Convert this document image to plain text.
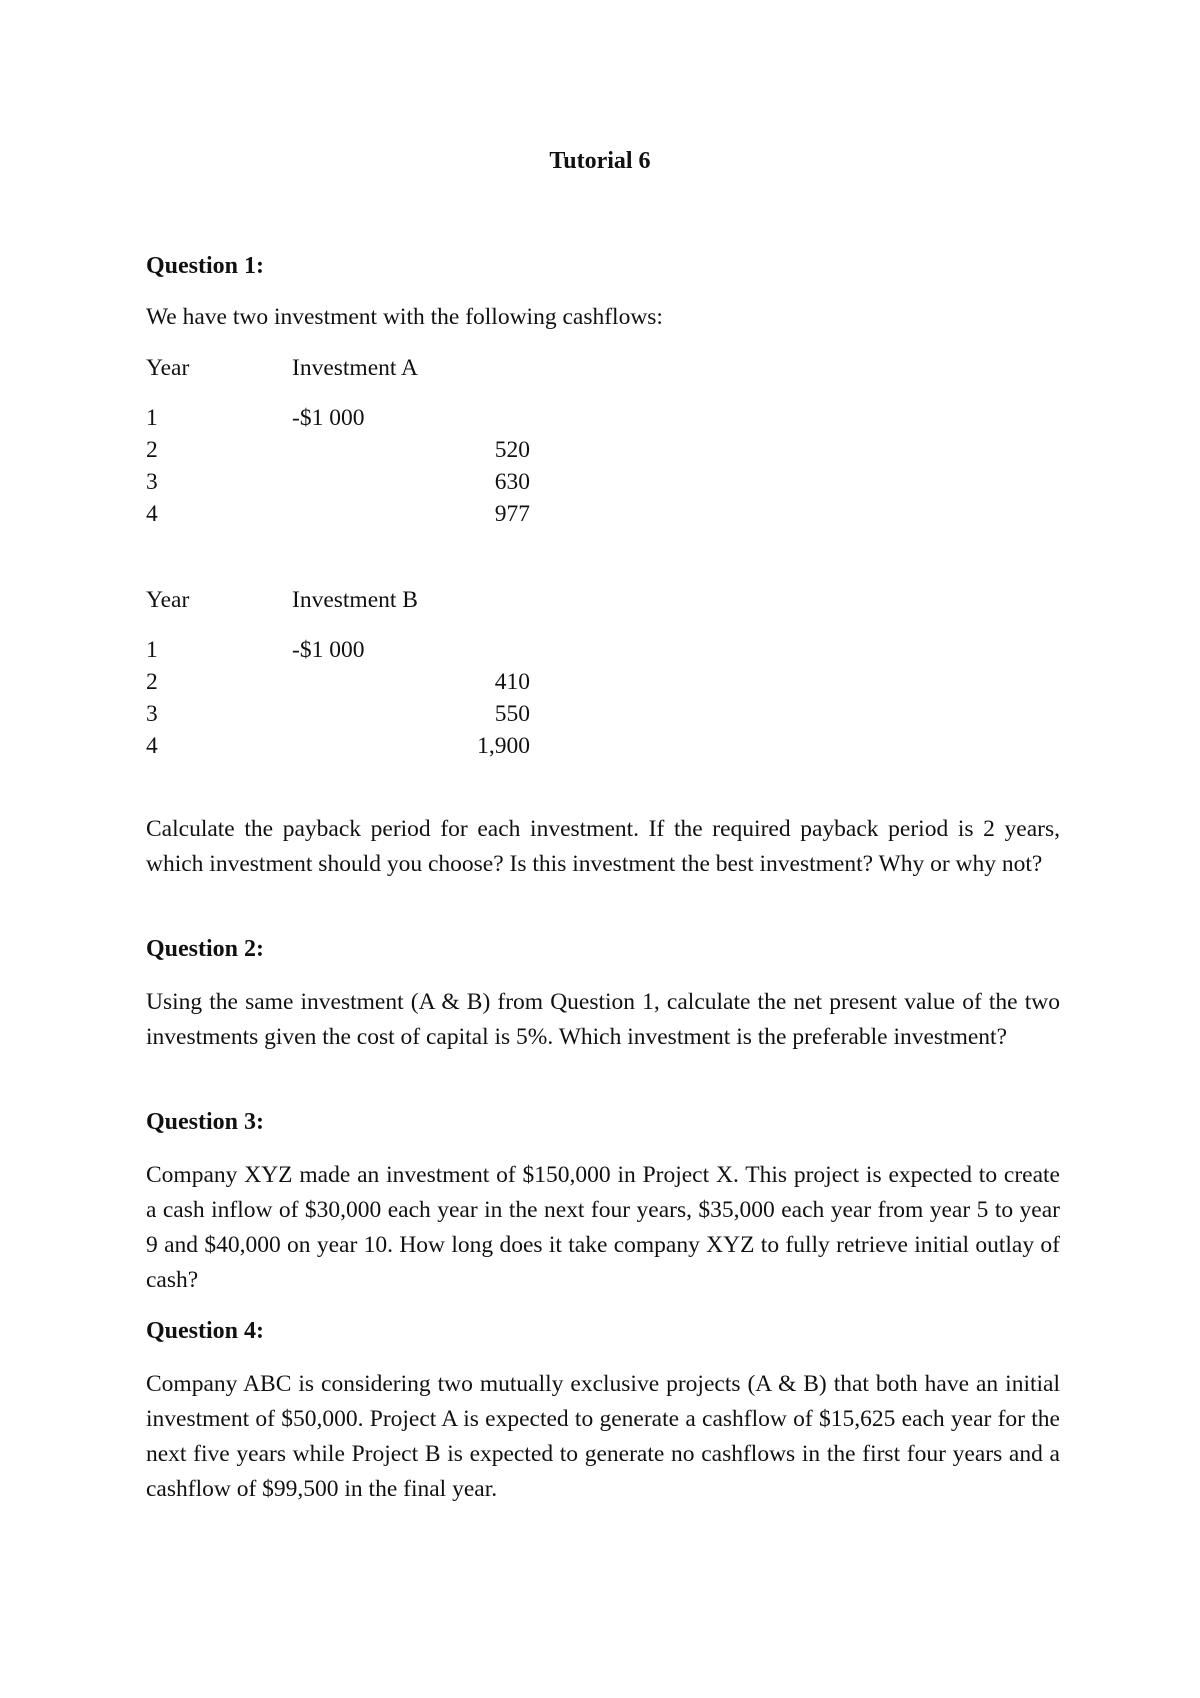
Tutorial 6
Question 1:
We have two investment with the following cashflows:
Year	Investment A
1	-$1 000
2	520
3	630
4	977
Year	Investment B
1	-$1 000
2	410
3	550
4	1,900
Calculate the payback period for each investment. If the required payback period is 2 years, which investment should you choose? Is this investment the best investment? Why or why not?
Question 2:
Using the same investment (A & B) from Question 1, calculate the net present value of the two investments given the cost of capital is 5%. Which investment is the preferable investment?
Question 3:
Company XYZ made an investment of $150,000 in Project X. This project is expected to create a cash inflow of $30,000 each year in the next four years, $35,000 each year from year 5 to year 9 and $40,000 on year 10. How long does it take company XYZ to fully retrieve initial outlay of cash?
Question 4:
Company ABC is considering two mutually exclusive projects (A & B) that both have an initial investment of $50,000. Project A is expected to generate a cashflow of $15,625 each year for the next five years while Project B is expected to generate no cashflows in the first four years and a cashflow of $99,500 in the final year.
